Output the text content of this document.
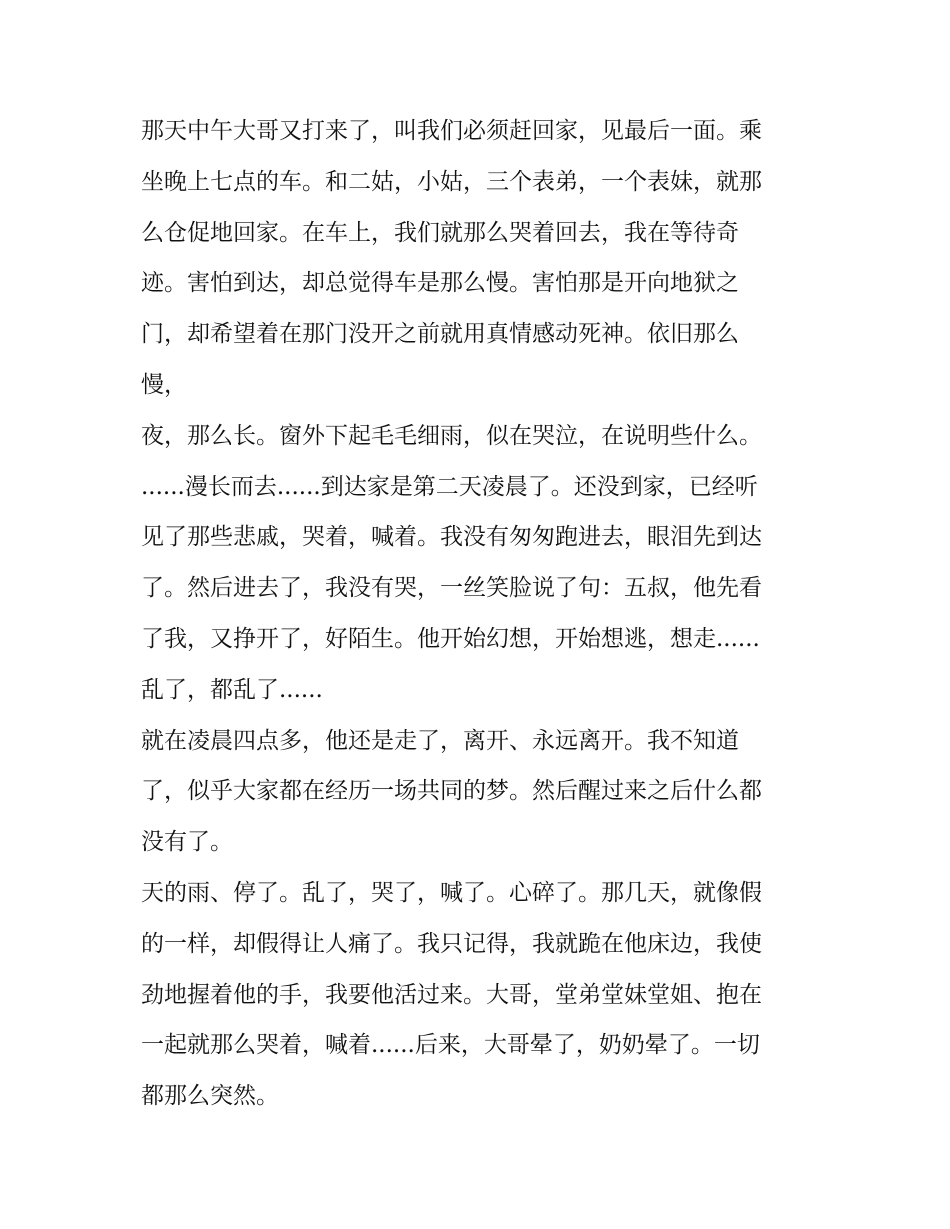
那天中午大哥又打来了，叫我们必须赶回家，见最后一面。乘
坐晚上七点的车。和二姑，小姑，三个表弟，一个表妹，就那
么仓促地回家。在车上，我们就那么哭着回去，我在等待奇
迹。害怕到达，却总觉得车是那么慢。害怕那是开向地狱之
门，却希望着在那门没开之前就用真情感动死神。依旧那么
慢，
夜，那么长。窗外下起毛毛细雨，似在哭泣，在说明些什么。
......漫长而去......到达家是第二天凌晨了。还没到家，已经听
见了那些悲戚，哭着，喊着。我没有匆匆跑进去，眼泪先到达
了。然后进去了，我没有哭，一丝笑脸说了句：五叔，他先看
了我，又挣开了，好陌生。他开始幻想，开始想逃，想走......
乱了，都乱了......
就在凌晨四点多，他还是走了，离开、永远离开。我不知道
了，似乎大家都在经历一场共同的梦。然后醒过来之后什么都
没有了。
天的雨、停了。乱了，哭了，喊了。心碎了。那几天，就像假
的一样，却假得让人痛了。我只记得，我就跪在他床边，我使
劲地握着他的手，我要他活过来。大哥，堂弟堂妹堂姐、抱在
一起就那么哭着，喊着......后来，大哥晕了，奶奶晕了。一切
都那么突然。
